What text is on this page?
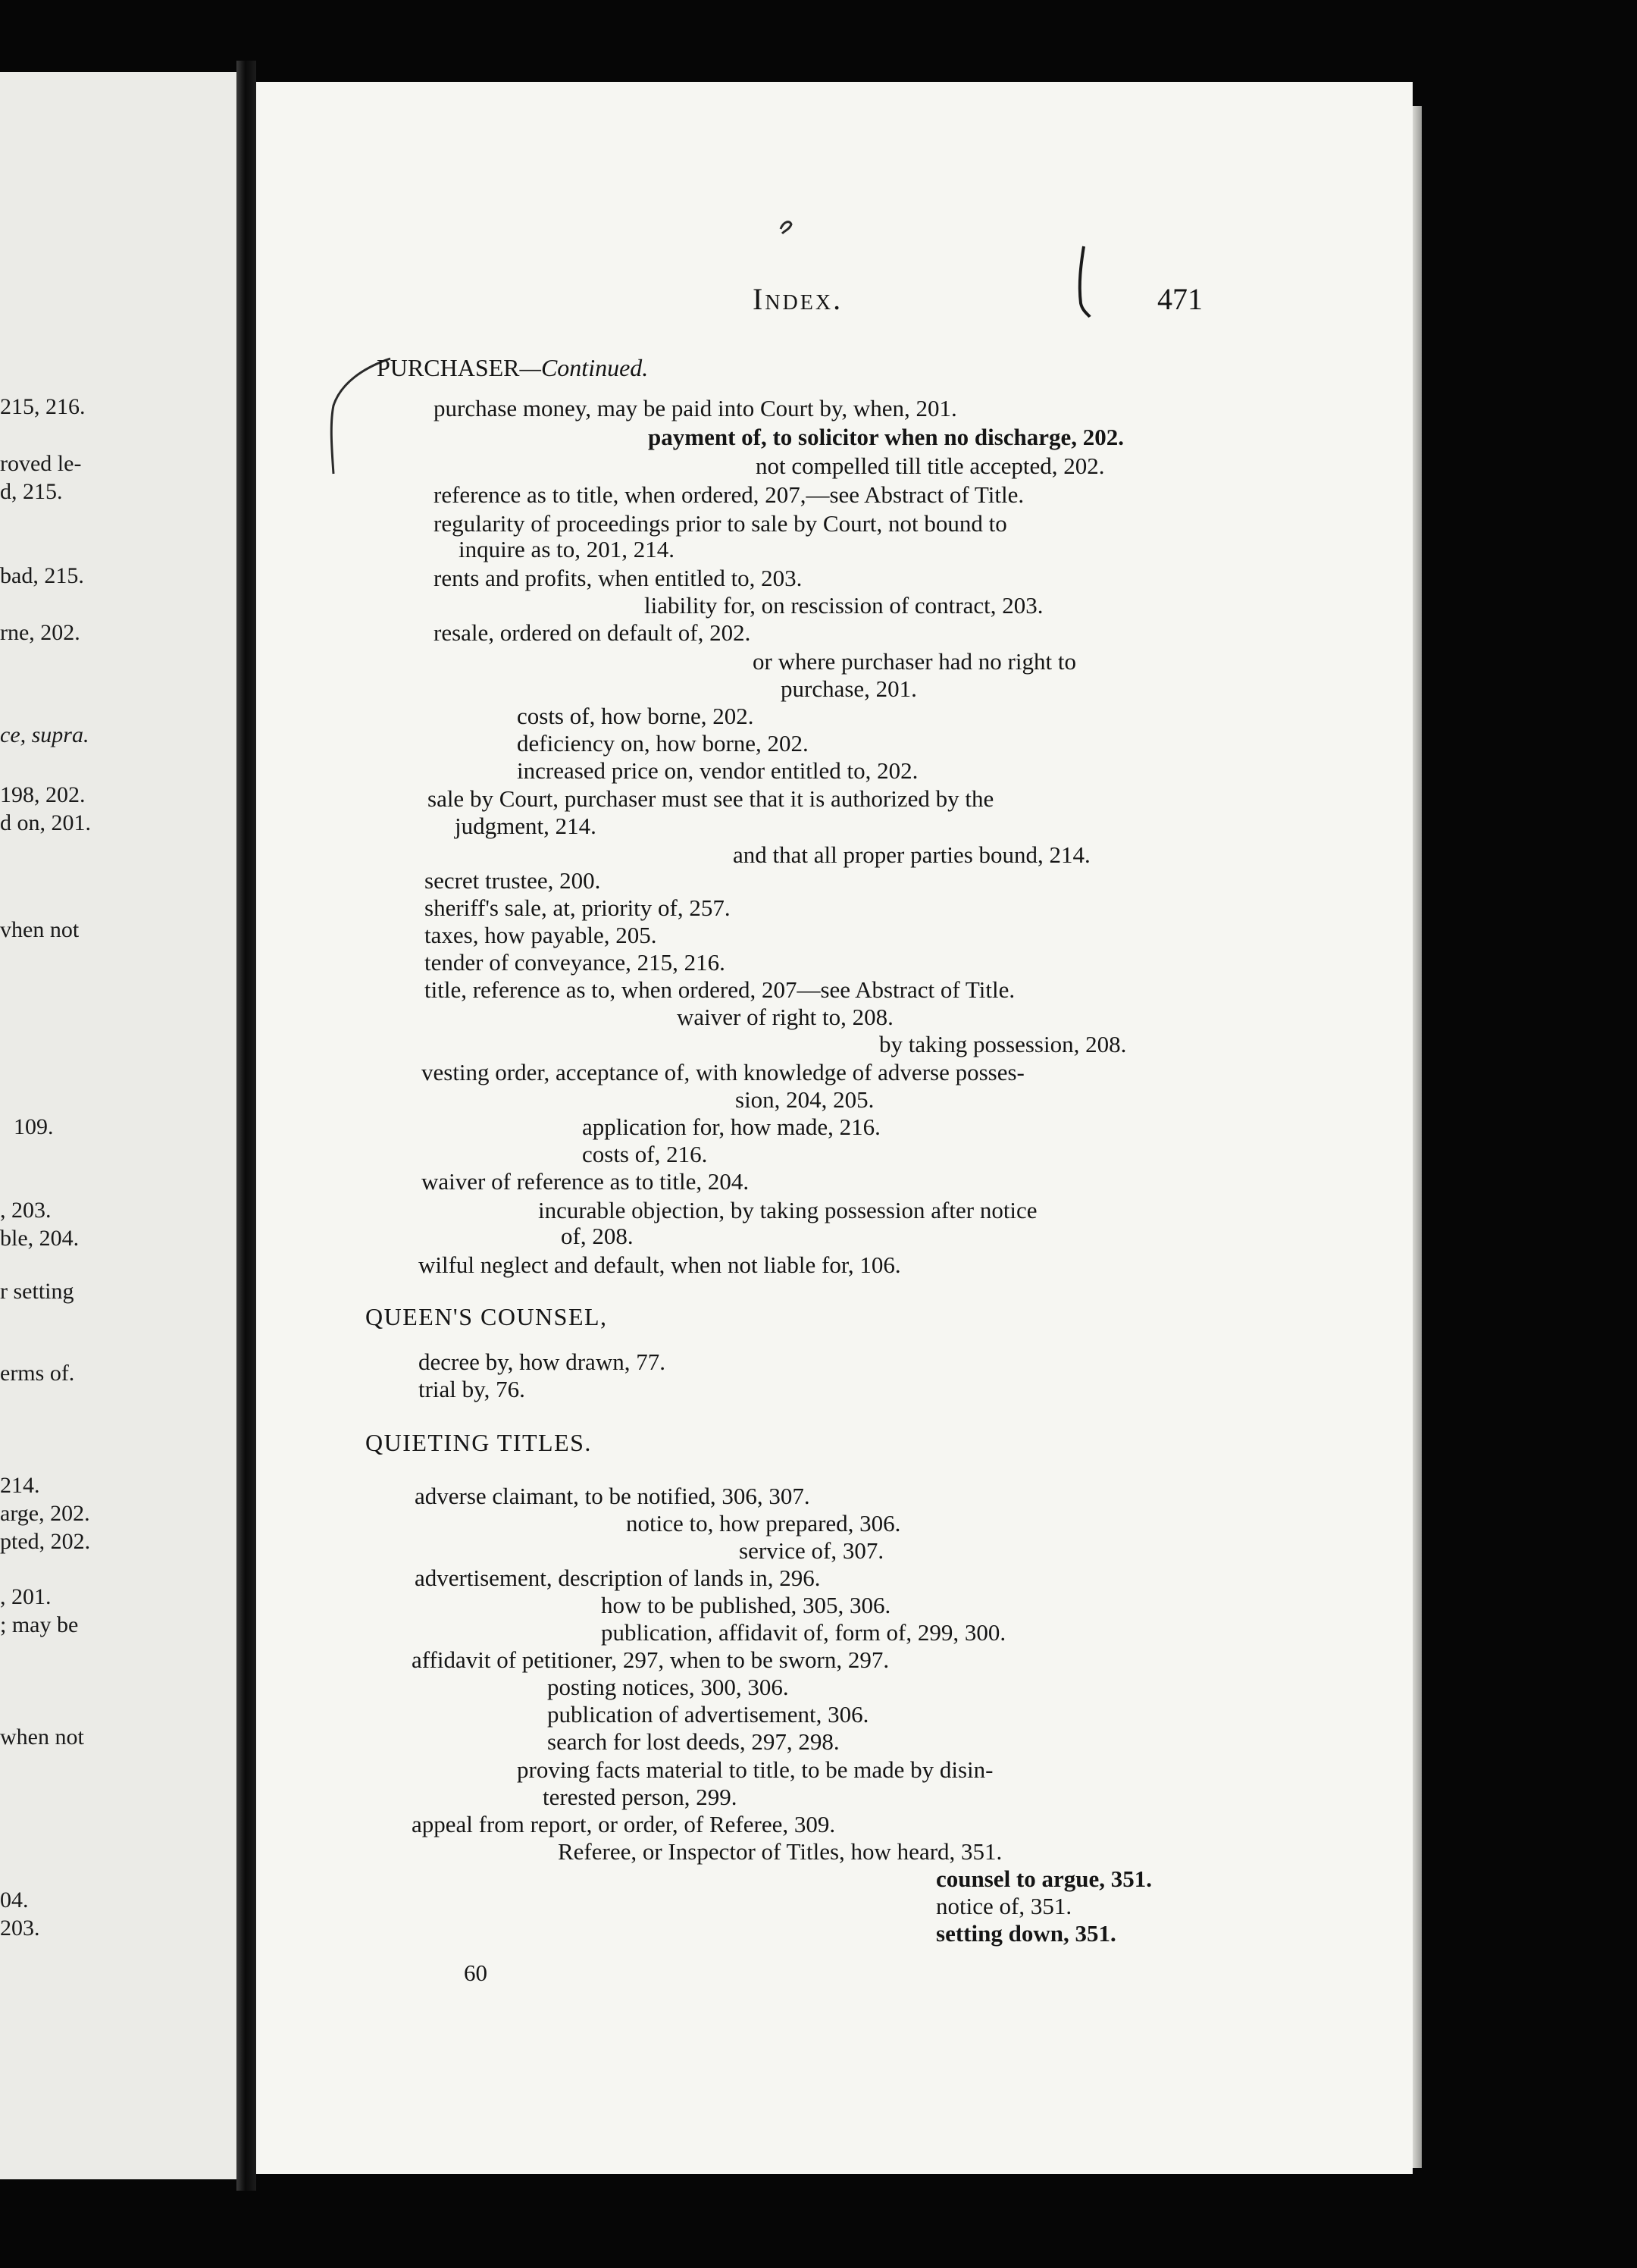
215, 216.
roved le-
d, 215.
bad, 215.
rne, 202.
ce, supra.
198, 202.
d on, 201.
vhen not
109.
, 203.
ble, 204.
r setting
erms of.
214.
arge, 202.
pted, 202.
, 201.
; may be
when not
04.
203.
Index.	471
PURCHASER—Continued.
purchase money, may be paid into Court by, when, 201.
payment of, to solicitor when no discharge, 202.
not compelled till title accepted, 202.
reference as to title, when ordered, 207,—see Abstract of Title.
regularity of proceedings prior to sale by Court, not bound to
inquire as to, 201, 214.
rents and profits, when entitled to, 203.
liability for, on rescission of contract, 203.
resale, ordered on default of, 202.
or where purchaser had no right to
purchase, 201.
costs of, how borne, 202.
deficiency on, how borne, 202.
increased price on, vendor entitled to, 202.
sale by Court, purchaser must see that it is authorized by the
judgment, 214.
and that all proper parties bound, 214.
secret trustee, 200.
sheriff's sale, at, priority of, 257.
taxes, how payable, 205.
tender of conveyance, 215, 216.
title, reference as to, when ordered, 207—see Abstract of Title.
waiver of right to, 208.
by taking possession, 208.
vesting order, acceptance of, with knowledge of adverse posses-
sion, 204, 205.
application for, how made, 216.
costs of, 216.
waiver of reference as to title, 204.
incurable objection, by taking possession after notice
of, 208.
wilful neglect and default, when not liable for, 106.
QUEEN'S COUNSEL,
decree by, how drawn, 77.
trial by, 76.
QUIETING TITLES.
adverse claimant, to be notified, 306, 307.
notice to, how prepared, 306.
service of, 307.
advertisement, description of lands in, 296.
how to be published, 305, 306.
publication, affidavit of, form of, 299, 300.
affidavit of petitioner, 297, when to be sworn, 297.
posting notices, 300, 306.
publication of advertisement, 306.
search for lost deeds, 297, 298.
proving facts material to title, to be made by disin-
terested person, 299.
appeal from report, or order, of Referee, 309.
Referee, or Inspector of Titles, how heard, 351.
counsel to argue, 351.
notice of, 351.
setting down, 351.
60
